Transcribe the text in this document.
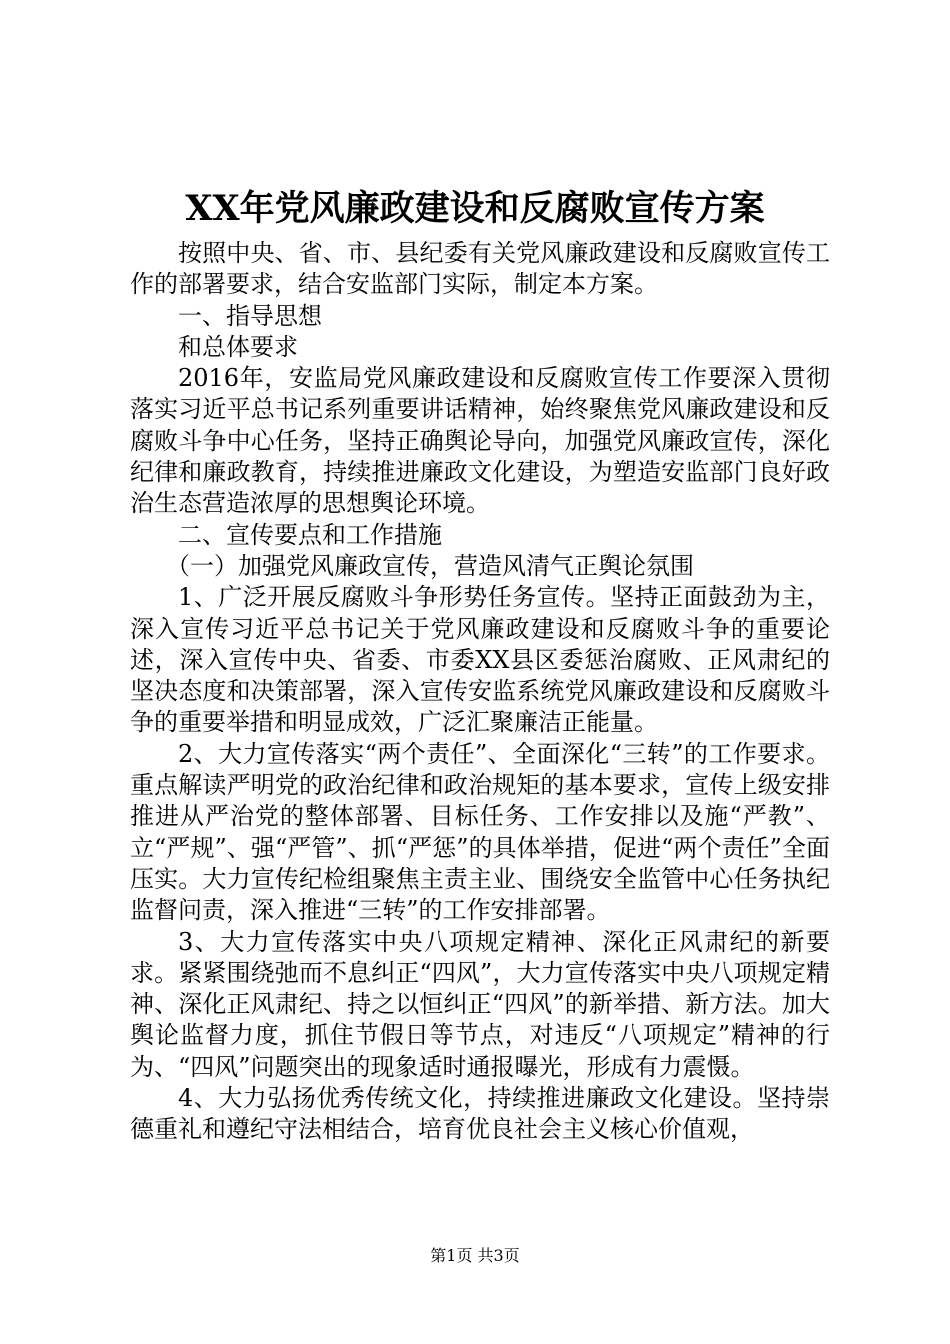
XX年党风廉政建设和反腐败宣传方案

按照中央、省、市、县纪委有关党风廉政建设和反腐败宣传工作的部署要求，结合安监部门实际，制定本方案。

一、指导思想

和总体要求

2016年，安监局党风廉政建设和反腐败宣传工作要深入贯彻落实习近平总书记系列重要讲话精神，始终聚焦党风廉政建设和反腐败斗争中心任务，坚持正确舆论导向，加强党风廉政宣传，深化纪律和廉政教育，持续推进廉政文化建设，为塑造安监部门良好政治生态营造浓厚的思想舆论环境。

二、宣传要点和工作措施

（一）加强党风廉政宣传，营造风清气正舆论氛围

1、广泛开展反腐败斗争形势任务宣传。坚持正面鼓劲为主，深入宣传习近平总书记关于党风廉政建设和反腐败斗争的重要论述，深入宣传中央、省委、市委XX县区委惩治腐败、正风肃纪的坚决态度和决策部署，深入宣传安监系统党风廉政建设和反腐败斗争的重要举措和明显成效，广泛汇聚廉洁正能量。

2、大力宣传落实“两个责任”、全面深化“三转”的工作要求。重点解读严明党的政治纪律和政治规矩的基本要求，宣传上级安排推进从严治党的整体部署、目标任务、工作安排以及施“严教”、立“严规”、强“严管”、抓“严惩”的具体举措，促进“两个责任”全面压实。大力宣传纪检组聚焦主责主业、围绕安全监管中心任务执纪监督问责，深入推进“三转”的工作安排部署。

3、大力宣传落实中央八项规定精神、深化正风肃纪的新要求。紧紧围绕弛而不息纠正“四风”，大力宣传落实中央八项规定精神、深化正风肃纪、持之以恒纠正“四风”的新举措、新方法。加大舆论监督力度，抓住节假日等节点，对违反“八项规定”精神的行为、“四风”问题突出的现象适时通报曝光，形成有力震慑。

4、大力弘扬优秀传统文化，持续推进廉政文化建设。坚持崇德重礼和遵纪守法相结合，培育优良社会主义核心价值观，

第1页 共3页
